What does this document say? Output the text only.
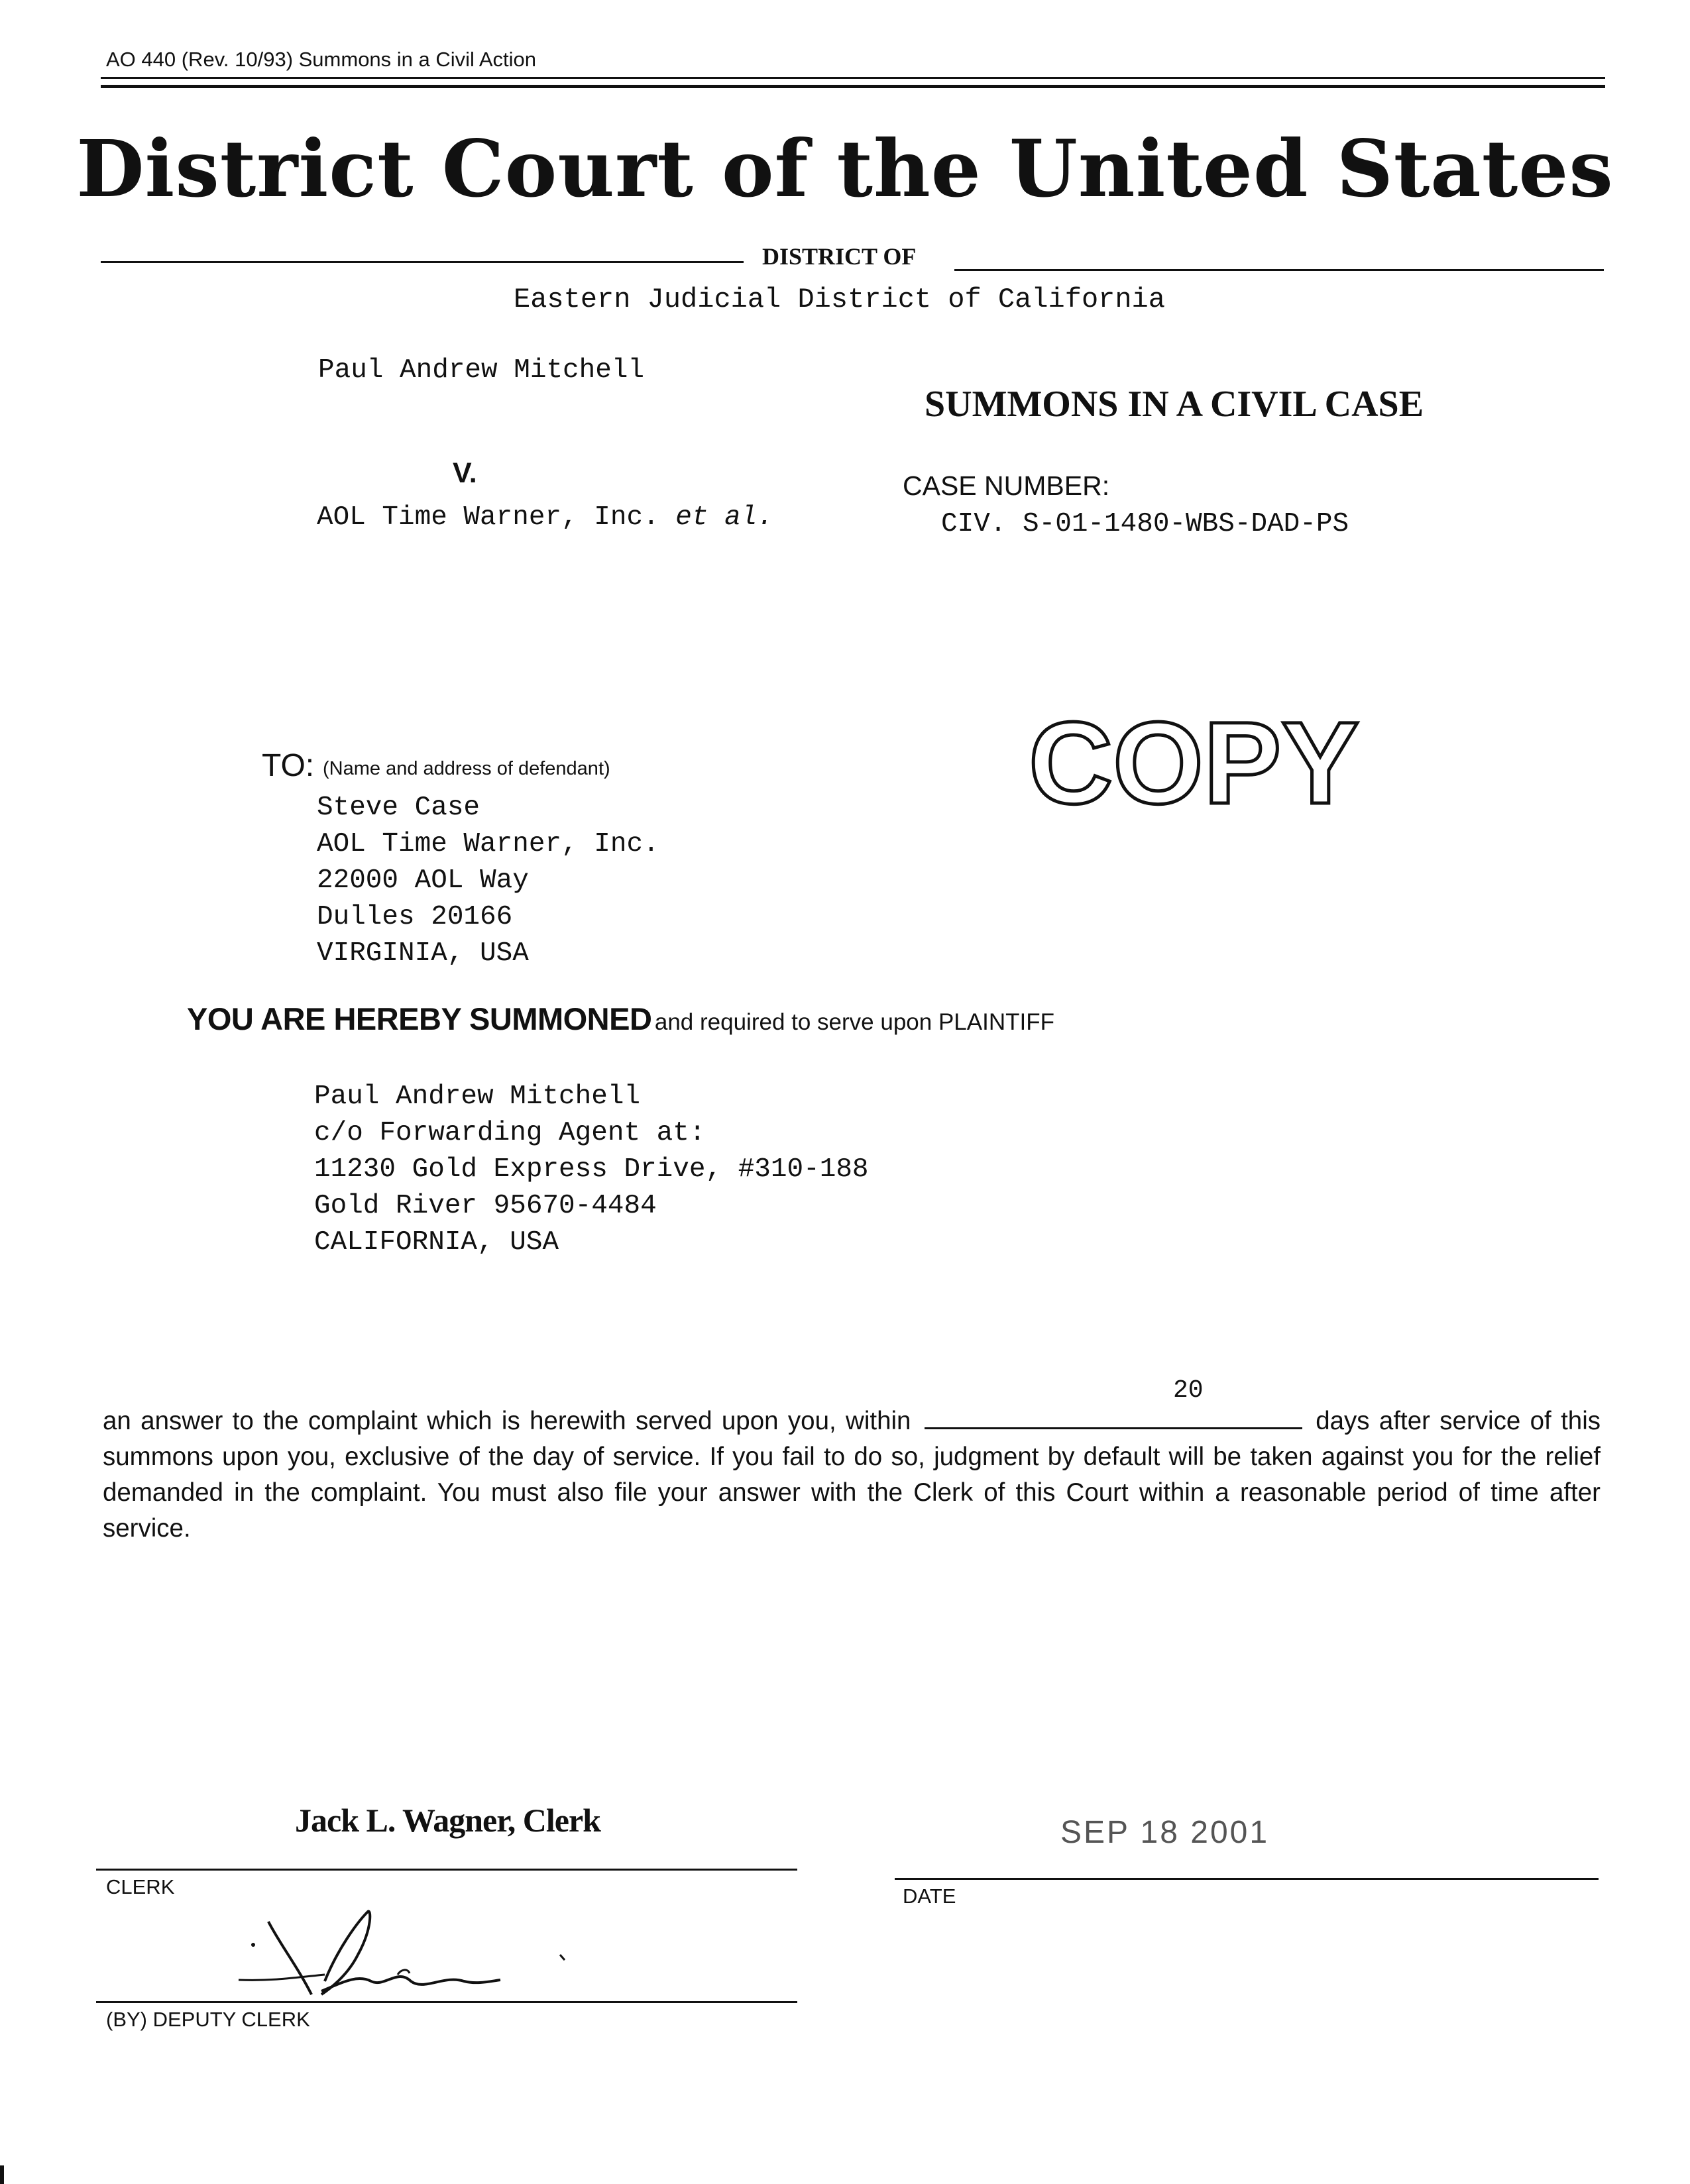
AO 440 (Rev. 10/93) Summons in a Civil Action
District Court of the United States
DISTRICT OF
Eastern Judicial District of California
Paul Andrew Mitchell
SUMMONS IN A CIVIL CASE
V.	CASE NUMBER:
AOL Time Warner, Inc. et al.	CIV. S-01-1480-WBS-DAD-PS
COPY
TO: (Name and address of defendant)
Steve Case
AOL Time Warner, Inc.
22000 AOL Way
Dulles 20166
VIRGINIA, USA
YOU ARE HEREBY SUMMONED and required to serve upon PLAINTIFF
Paul Andrew Mitchell
c/o Forwarding Agent at:
11230 Gold Express Drive, #310-188
Gold River 95670-4484
CALIFORNIA, USA
20
an answer to the complaint which is herewith served upon you, within	days after service of this summons upon you, exclusive of the day of service. If you fail to do so, judgment by default will be taken against you for the relief demanded in the complaint. You must also file your answer with the Clerk of this Court within a reasonable period of time after service.
Jack L. Wagner, Clerk
CLERK
SEP 18 2001
DATE
(BY) DEPUTY CLERK
